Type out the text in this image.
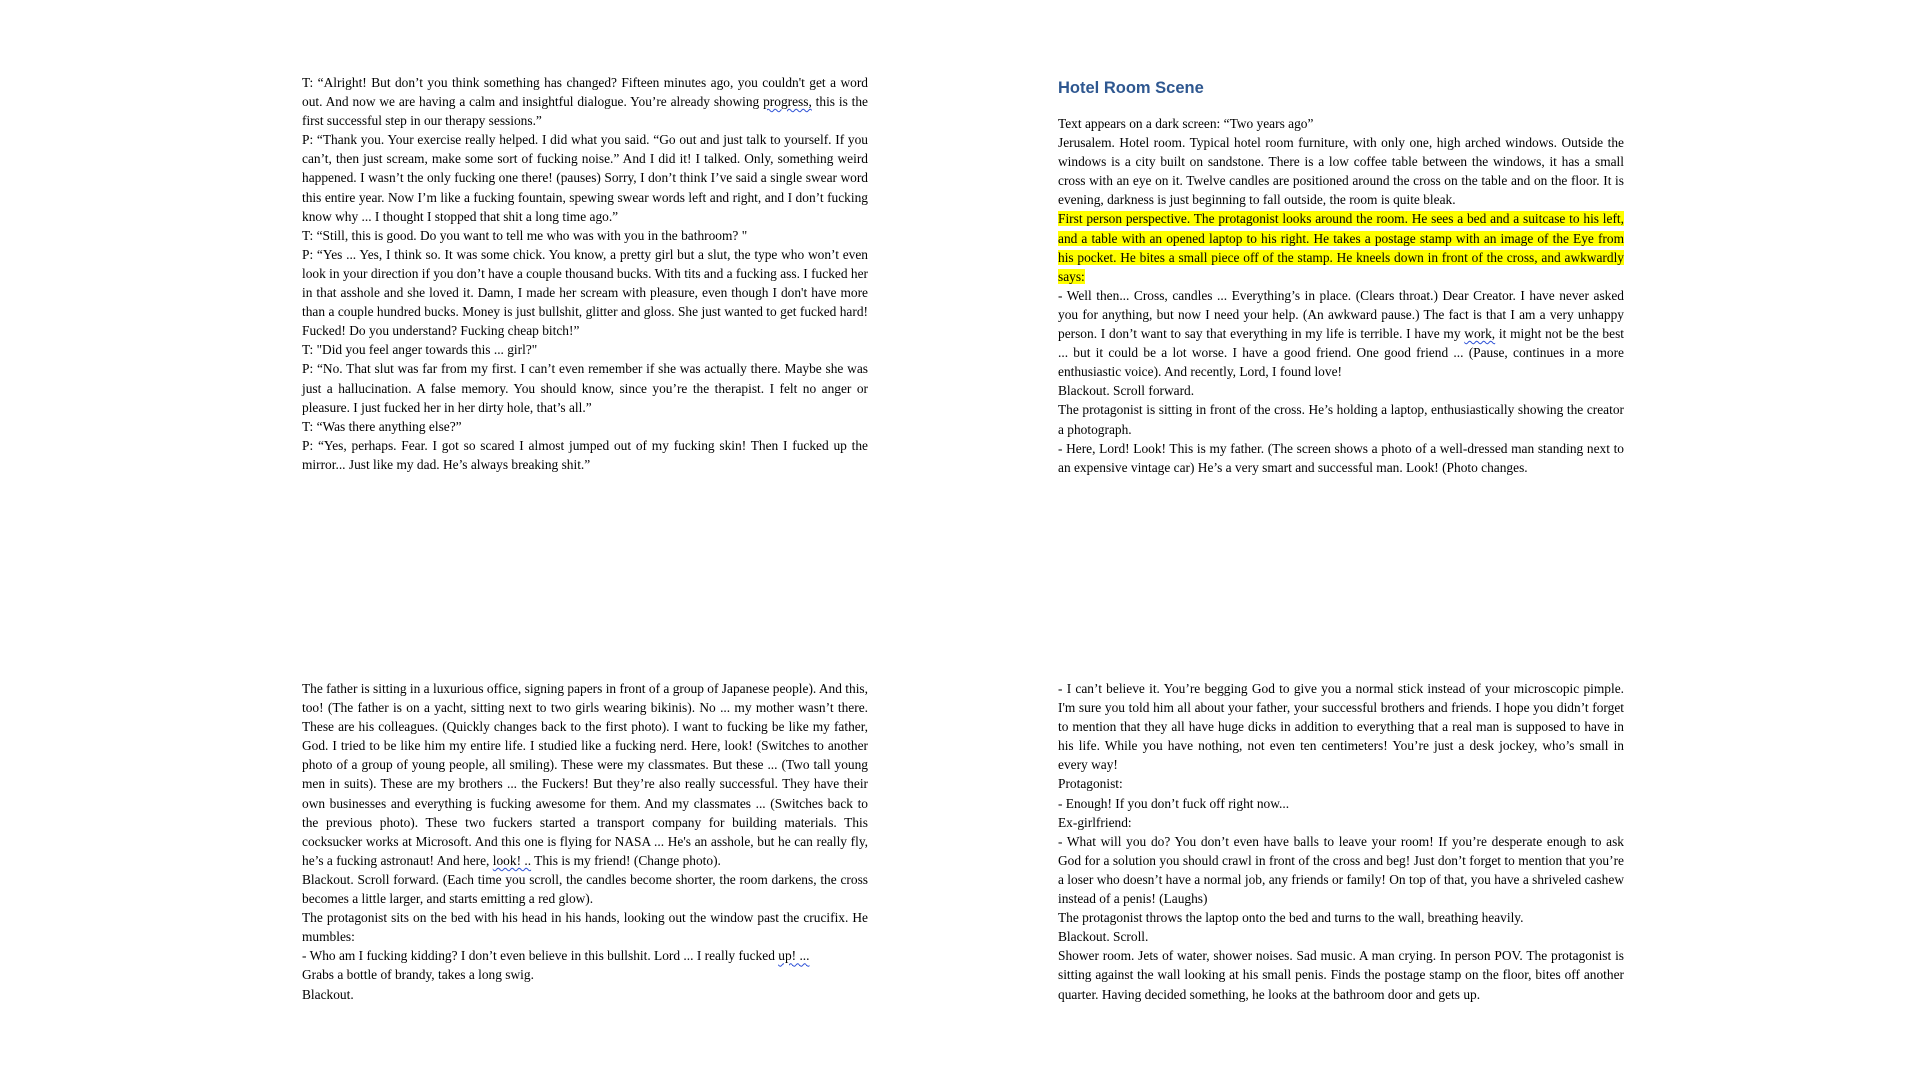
T: “Alright! But don’t you think something has changed? Fifteen minutes ago, you couldn't get a word out. And now we are having a calm and insightful dialogue. You’re already showing progress, this is the first successful step in our therapy sessions.”

P: “Thank you. Your exercise really helped. I did what you said. “Go out and just talk to yourself. If you can’t, then just scream, make some sort of fucking noise.” And I did it! I talked. Only, something weird happened. I wasn’t the only fucking one there! (pauses) Sorry, I don’t think I’ve said a single swear word this entire year. Now I’m like a fucking fountain, spewing swear words left and right, and I don’t fucking know why ... I thought I stopped that shit a long time ago.”

T: “Still, this is good. Do you want to tell me who was with you in the bathroom? "

P: “Yes ... Yes, I think so. It was some chick. You know, a pretty girl but a slut, the type who won’t even look in your direction if you don’t have a couple thousand bucks. With tits and a fucking ass. I fucked her in that asshole and she loved it. Damn, I made her scream with pleasure, even though I don't have more than a couple hundred bucks. Money is just bullshit, glitter and gloss. She just wanted to get fucked hard! Fucked! Do you understand? Fucking cheap bitch!”

T: "Did you feel anger towards this ... girl?"

P: “No. That slut was far from my first. I can’t even remember if she was actually there. Maybe she was just a hallucination. A false memory. You should know, since you’re the therapist. I felt no anger or pleasure. I just fucked her in her dirty hole, that’s all.”

T: “Was there anything else?”

P: “Yes, perhaps. Fear. I got so scared I almost jumped out of my fucking skin! Then I fucked up the mirror... Just like my dad. He’s always breaking shit.”

Hotel Room Scene

Text appears on a dark screen: “Two years ago”

Jerusalem. Hotel room. Typical hotel room furniture, with only one, high arched windows. Outside the windows is a city built on sandstone. There is a low coffee table between the windows, it has a small cross with an eye on it. Twelve candles are positioned around the cross on the table and on the floor. It is evening, darkness is just beginning to fall outside, the room is quite bleak.

First person perspective. The protagonist looks around the room. He sees a bed and a suitcase to his left, and a table with an opened laptop to his right. He takes a postage stamp with an image of the Eye from his pocket. He bites a small piece off of the stamp. He kneels down in front of the cross, and awkwardly says:

- Well then... Cross, candles ... Everything’s in place. (Clears throat.) Dear Creator. I have never asked you for anything, but now I need your help. (An awkward pause.) The fact is that I am a very unhappy person. I don’t want to say that everything in my life is terrible. I have my work, it might not be the best ... but it could be a lot worse. I have a good friend. One good friend ... (Pause, continues in a more enthusiastic voice). And recently, Lord, I found love!

Blackout. Scroll forward.

The protagonist is sitting in front of the cross. He’s holding a laptop, enthusiastically showing the creator a photograph.

- Here, Lord! Look! This is my father. (The screen shows a photo of a well-dressed man standing next to an expensive vintage car) He’s a very smart and successful man. Look! (Photo changes.

The father is sitting in a luxurious office, signing papers in front of a group of Japanese people). And this, too! (The father is on a yacht, sitting next to two girls wearing bikinis). No ... my mother wasn’t there. These are his colleagues. (Quickly changes back to the first photo). I want to fucking be like my father, God. I tried to be like him my entire life. I studied like a fucking nerd. Here, look! (Switches to another photo of a group of young people, all smiling). These were my classmates. But these ... (Two tall young men in suits). These are my brothers ... the Fuckers! But they’re also really successful. They have their own businesses and everything is fucking awesome for them. And my classmates ... (Switches back to the previous photo). These two fuckers started a transport company for building materials. This cocksucker works at Microsoft. And this one is flying for NASA ... He's an asshole, but he can really fly, he’s a fucking astronaut! And here, look! .. This is my friend! (Change photo).

Blackout. Scroll forward. (Each time you scroll, the candles become shorter, the room darkens, the cross becomes a little larger, and starts emitting a red glow).

The protagonist sits on the bed with his head in his hands, looking out the window past the crucifix. He mumbles:

- Who am I fucking kidding? I don’t even believe in this bullshit. Lord ... I really fucked up! ...

Grabs a bottle of brandy, takes a long swig.

Blackout.

- I can’t believe it. You’re begging God to give you a normal stick instead of your microscopic pimple. I'm sure you told him all about your father, your successful brothers and friends. I hope you didn’t forget to mention that they all have huge dicks in addition to everything that a real man is supposed to have in his life. While you have nothing, not even ten centimeters! You’re just a desk jockey, who’s small in every way!

Protagonist:

- Enough! If you don’t fuck off right now...

Ex-girlfriend:

- What will you do? You don’t even have balls to leave your room! If you’re desperate enough to ask God for a solution you should crawl in front of the cross and beg! Just don’t forget to mention that you’re a loser who doesn’t have a normal job, any friends or family! On top of that, you have a shriveled cashew instead of a penis! (Laughs)

The protagonist throws the laptop onto the bed and turns to the wall, breathing heavily.

Blackout. Scroll.

Shower room. Jets of water, shower noises. Sad music. A man crying. In person POV. The protagonist is sitting against the wall looking at his small penis. Finds the postage stamp on the floor, bites off another quarter. Having decided something, he looks at the bathroom door and gets up.
